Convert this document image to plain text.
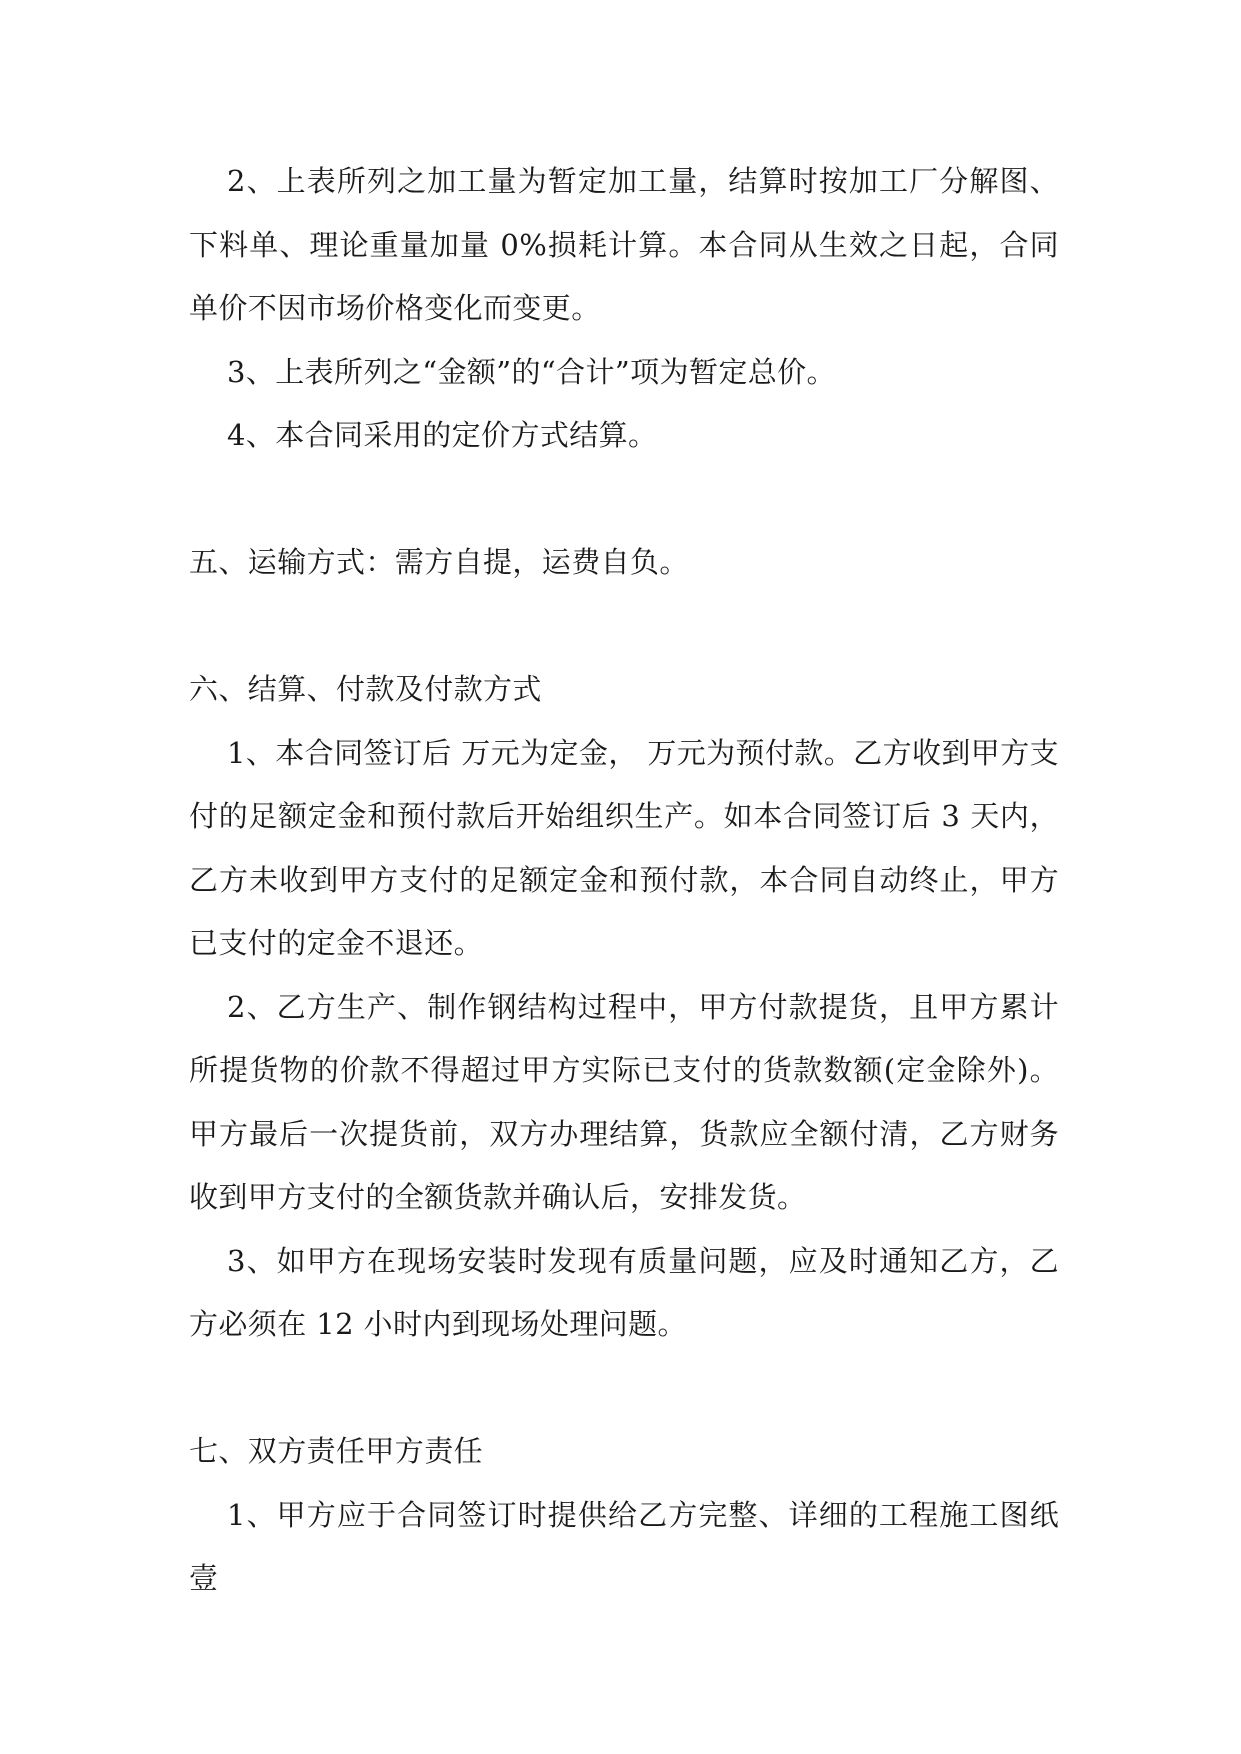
2、上表所列之加工量为暂定加工量，结算时按加工厂分解图、下料单、理论重量加量 0%损耗计算。本合同从生效之日起，合同单价不因市场价格变化而变更。

3、上表所列之“金额”的“合计”项为暂定总价。

4、本合同采用的定价方式结算。

五、运输方式：需方自提，运费自负。

六、结算、付款及付款方式

1、本合同签订后 万元为定金， 万元为预付款。乙方收到甲方支付的足额定金和预付款后开始组织生产。如本合同签订后 3 天内，乙方未收到甲方支付的足额定金和预付款，本合同自动终止，甲方已支付的定金不退还。

2、乙方生产、制作钢结构过程中，甲方付款提货，且甲方累计所提货物的价款不得超过甲方实际已支付的货款数额(定金除外)。甲方最后一次提货前，双方办理结算，货款应全额付清，乙方财务收到甲方支付的全额货款并确认后，安排发货。

3、如甲方在现场安装时发现有质量问题，应及时通知乙方，乙方必须在 12 小时内到现场处理问题。

七、双方责任甲方责任

1、甲方应于合同签订时提供给乙方完整、详细的工程施工图纸壹
